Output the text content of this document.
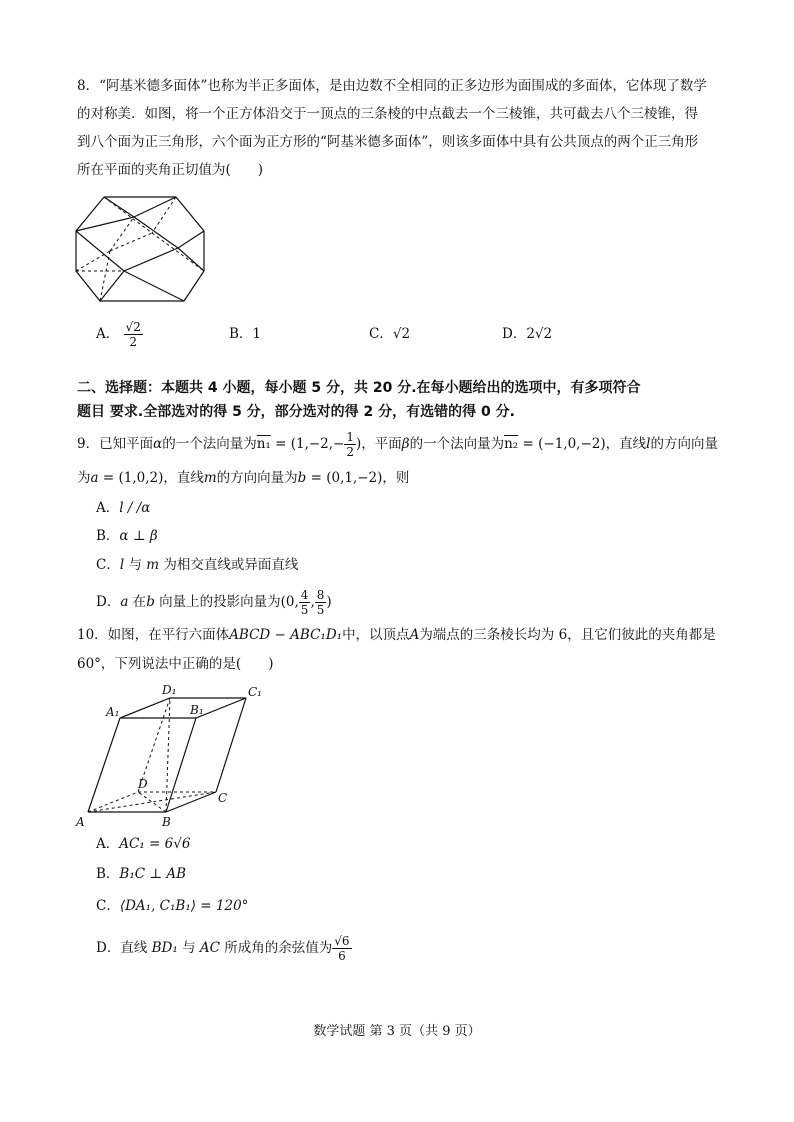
8．“阿基米德多面体”也称为半正多面体，是由边数不全相同的正多边形为面围成的多面体，它体现了数学
的对称美．如图，将一个正方体沿交于一顶点的三条棱的中点截去一个三棱锥，共可截去八个三棱锥，得
到八个面为正三角形，六个面为正方形的“阿基米德多面体”，则该多面体中具有公共顶点的两个正三角形
所在平面的夹角正切值为(　　)
A． $\frac{√2}{2}$	B．1	C．√2	D．2√2
二、选择题：本题共 4 小题，每小题 5 分，共 20 分.在每小题给出的选项中，有多项符合
题目 要求.全部选对的得 5 分，部分选对的得 2 分，有选错的得 0 分.
9．已知平面α的一个法向量为$n_1 = (1,-2,- \frac{1}{2}$ )，平面β的一个法向量为n₂ = (−1,0,−2)，直线l的方向向量
为a = (1,0,2)，直线m的方向向量为b = (0,1,−2)，则
A．l / /α
B．α ⊥ β
C．l 与 m 为相交直线或异面直线
D．a 在b 向量上的投影向量为(0, $\frac{4}{5}$ , $\frac{8}{5}$ )
10．如图，在平行六面体ABCD − ABC₁D₁中，以顶点A为端点的三条棱长均为 6，且它们彼此的夹角都是
60°，下列说法中正确的是(　　)
A₁
D₁	C₁
B₁
D
C
A	B
A．AC₁ = 6√6
B．B₁C ⊥ AB
C．⟨DA₁, C₁B₁⟩ = 120°
D．直线 BD₁ 与 AC 所成角的余弦值为 $\frac{√6}{6}$
数学试题 第 3 页（共 9 页）
